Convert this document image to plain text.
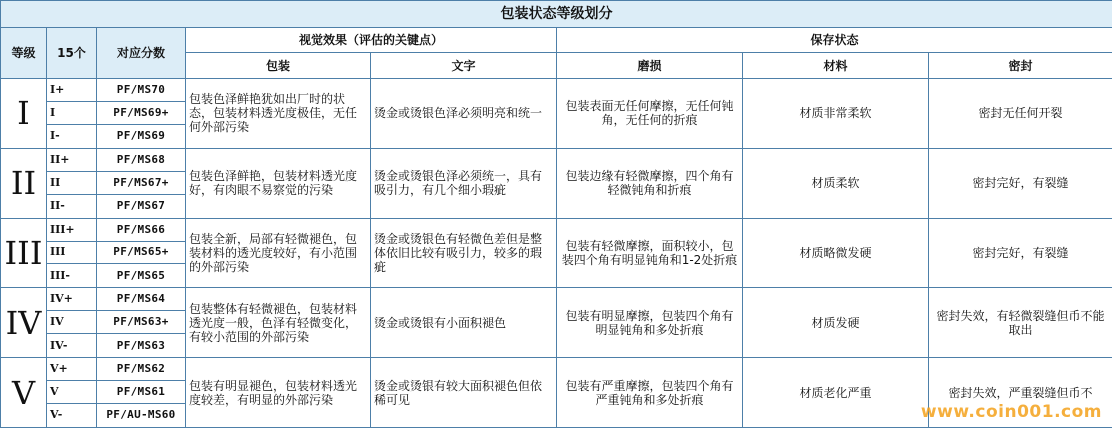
包装状态等级划分							
等级	15个	对应分数	视觉效果（评估的关键点）		保存状态		
			包装	文字	磨损	材料	密封
I	I+	PF/MS70	包装色泽鲜艳犹如出厂时的状态，包装材料透光度极佳，无任何外部污染	烫金或烫银色泽必须明亮和统一	包装表面无任何摩擦，无任何钝角，无任何的折痕	材质非常柔软	密封无任何开裂
	I	PF/MS69+					
	I-	PF/MS69					
II	II+	PF/MS68	包装色泽鲜艳，包装材料透光度好，有肉眼不易察觉的污染	烫金或烫银色泽必须统一，具有吸引力，有几个细小瑕疵	包装边缘有轻微摩擦，四个角有轻微钝角和折痕	材质柔软	密封完好，有裂缝
	II	PF/MS67+					
	II-	PF/MS67					
III	III+	PF/MS66	包装全新，局部有轻微褪色，包装材料的透光度较好，有小范围的外部污染	烫金或烫银色有轻微色差但是整体依旧比较有吸引力，较多的瑕疵	包装有轻微摩擦，面积较小，包装四个角有明显钝角和1-2处折痕	材质略微发硬	密封完好，有裂缝
	III	PF/MS65+					
	III-	PF/MS65					
IV	IV+	PF/MS64	包装整体有轻微褪色，包装材料透光度一般，色泽有轻微变化，有较小范围的外部污染	烫金或烫银有小面积褪色	包装有明显摩擦，包装四个角有明显钝角和多处折痕	材质发硬	密封失效，有轻微裂缝但币不能取出
	IV	PF/MS63+					
	IV-	PF/MS63					
V	V+	PF/MS62	包装有明显褪色，包装材料透光度较差，有明显的外部污染	烫金或烫银有较大面积褪色但依稀可见	包装有严重摩擦，包装四个角有严重钝角和多处折痕	材质老化严重	密封失效，严重裂缝但币不
	V	PF/MS61					
	V-	PF/AU-MS60						www.coin001.com
